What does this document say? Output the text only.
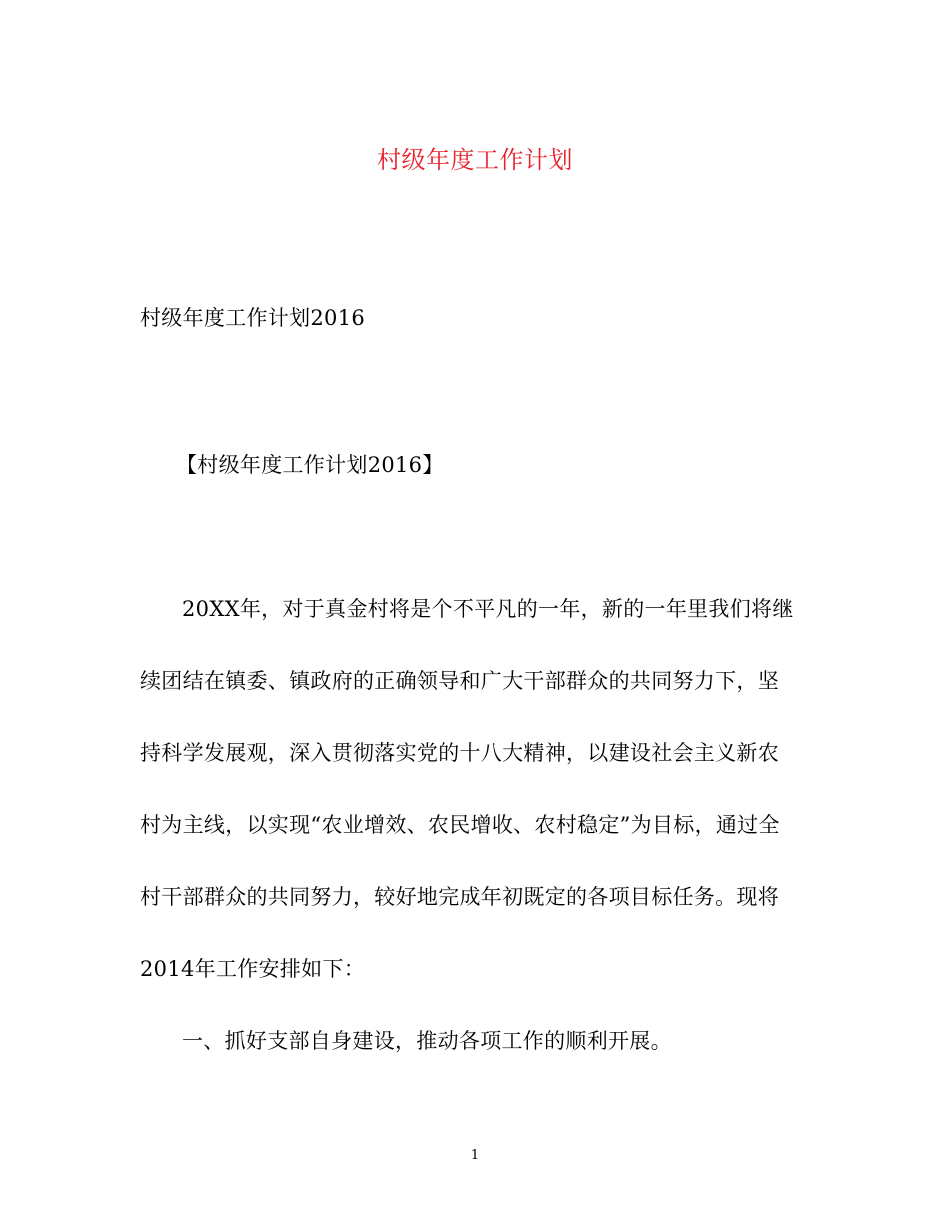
村级年度工作计划
村级年度工作计划2016
【村级年度工作计划2016】
20XX年，对于真金村将是个不平凡的一年，新的一年里我们将继
续团结在镇委、镇政府的正确领导和广大干部群众的共同努力下，坚
持科学发展观，深入贯彻落实党的十八大精神，以建设社会主义新农
村为主线，以实现“农业增效、农民增收、农村稳定”为目标，通过全
村干部群众的共同努力，较好地完成年初既定的各项目标任务。现将
2014年工作安排如下：
一、抓好支部自身建设，推动各项工作的顺利开展。
1
